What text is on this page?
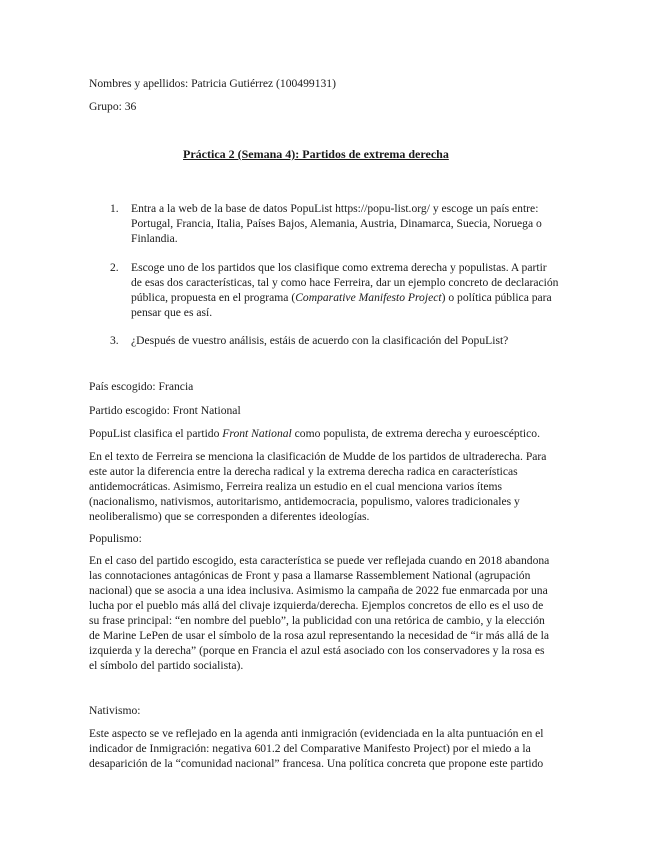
Nombres y apellidos: Patricia Gutiérrez (100499131)
Grupo: 36
Práctica 2 (Semana 4): Partidos de extrema derecha
1. Entra a la web de la base de datos PopuList https://popu-list.org/ y escoge un país entre:
Portugal, Francia, Italia, Países Bajos, Alemania, Austria, Dinamarca, Suecia, Noruega o
Finlandia.
2. Escoge uno de los partidos que los clasifique como extrema derecha y populistas. A partir
de esas dos características, tal y como hace Ferreira, dar un ejemplo concreto de declaración
pública, propuesta en el programa (Comparative Manifesto Project) o política pública para
pensar que es así.
3. ¿Después de vuestro análisis, estáis de acuerdo con la clasificación del PopuList?
País escogido: Francia
Partido escogido: Front National
PopuList clasifica el partido Front National como populista, de extrema derecha y euroescéptico.
En el texto de Ferreira se menciona la clasificación de Mudde de los partidos de ultraderecha. Para
este autor la diferencia entre la derecha radical y la extrema derecha radica en características
antidemocráticas. Asimismo, Ferreira realiza un estudio en el cual menciona varios ítems
(nacionalismo, nativismos, autoritarismo, antidemocracia, populismo, valores tradicionales y
neoliberalismo) que se corresponden a diferentes ideologías.
Populismo:
En el caso del partido escogido, esta característica se puede ver reflejada cuando en 2018 abandona
las connotaciones antagónicas de Front y pasa a llamarse Rassemblement National (agrupación
nacional) que se asocia a una idea inclusiva. Asimismo la campaña de 2022 fue enmarcada por una
lucha por el pueblo más allá del clivaje izquierda/derecha. Ejemplos concretos de ello es el uso de
su frase principal: “en nombre del pueblo”, la publicidad con una retórica de cambio, y la elección
de Marine LePen de usar el símbolo de la rosa azul representando la necesidad de “ir más allá de la
izquierda y la derecha” (porque en Francia el azul está asociado con los conservadores y la rosa es
el símbolo del partido socialista).
Nativismo:
Este aspecto se ve reflejado en la agenda anti inmigración (evidenciada en la alta puntuación en el
indicador de Inmigración: negativa 601.2 del Comparative Manifesto Project) por el miedo a la
desaparición de la “comunidad nacional” francesa. Una política concreta que propone este partido
